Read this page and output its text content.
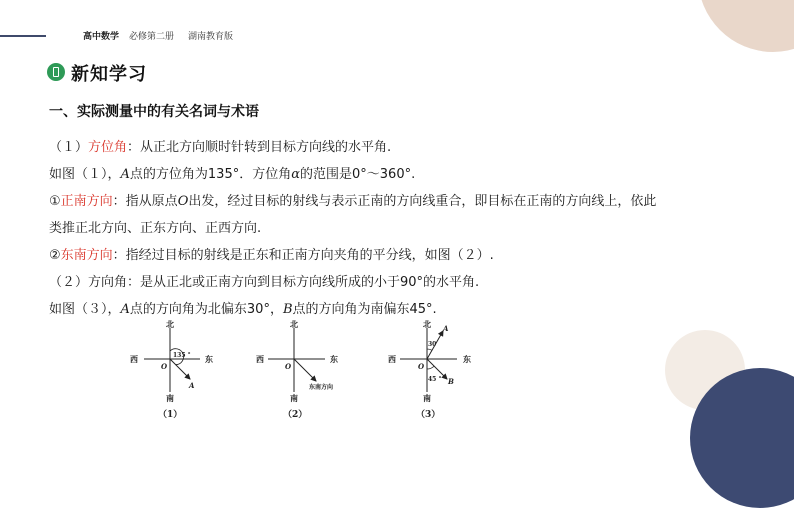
高中数学 必修第二册 湖南教育版
新知学习
一、实际测量中的有关名词与术语
（１）方位角：从正北方向顺时针转到目标方向线的水平角.
如图（１），A点的方位角为135°．方位角α的范围是0°～360°.
①正南方向：指从原点O出发，经过目标的射线与表示正南的方向线重合，即目标在正南的方向线上，依此
类推正北方向、正东方向、正西方向.
②东南方向：指经过目标的射线是正东和正南方向夹角的平分线，如图（２）.
（２）方向角：是从正北或正南方向到目标方向线所成的小于90°的水平角.
如图（３），A点的方向角为北偏东30°，B点的方向角为南偏东45°.
北
南
东
西
O
135 °
A
（1）
北
南
东
西
O
东南方向
（2）
北
南
东
西
O
30
45 °
A
B
（3）
